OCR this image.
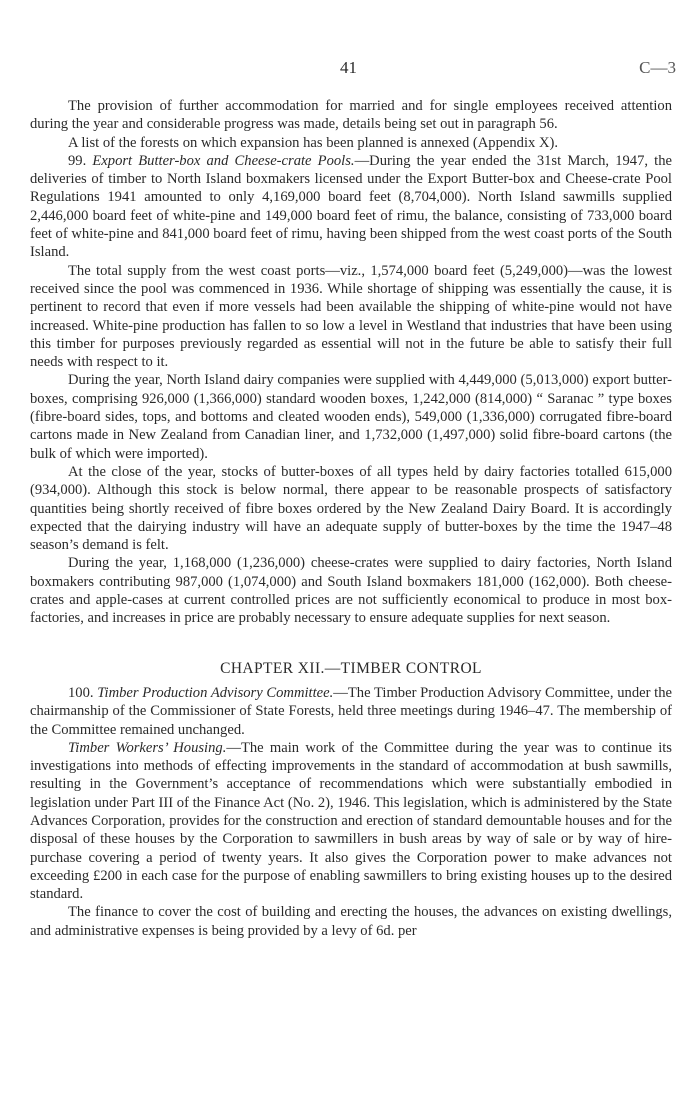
41	C—3

The provision of further accommodation for married and for single employees received attention during the year and considerable progress was made, details being set out in paragraph 56.

A list of the forests on which expansion has been planned is annexed (Appendix X).

99. Export Butter-box and Cheese-crate Pools.—During the year ended the 31st March, 1947, the deliveries of timber to North Island boxmakers licensed under the Export Butter-box and Cheese-crate Pool Regulations 1941 amounted to only 4,169,000 board feet (8,704,000). North Island sawmills supplied 2,446,000 board feet of white-pine and 149,000 board feet of rimu, the balance, consisting of 733,000 board feet of white-pine and 841,000 board feet of rimu, having been shipped from the west coast ports of the South Island.

The total supply from the west coast ports—viz., 1,574,000 board feet (5,249,000)—was the lowest received since the pool was commenced in 1936. While shortage of shipping was essentially the cause, it is pertinent to record that even if more vessels had been available the shipping of white-pine would not have increased. White-pine production has fallen to so low a level in Westland that industries that have been using this timber for purposes previously regarded as essential will not in the future be able to satisfy their full needs with respect to it.

During the year, North Island dairy companies were supplied with 4,449,000 (5,013,000) export butter-boxes, comprising 926,000 (1,366,000) standard wooden boxes, 1,242,000 (814,000) “ Saranac ” type boxes (fibre-board sides, tops, and bottoms and cleated wooden ends), 549,000 (1,336,000) corrugated fibre-board cartons made in New Zealand from Canadian liner, and 1,732,000 (1,497,000) solid fibre-board cartons (the bulk of which were imported).

At the close of the year, stocks of butter-boxes of all types held by dairy factories totalled 615,000 (934,000). Although this stock is below normal, there appear to be reasonable prospects of satisfactory quantities being shortly received of fibre boxes ordered by the New Zealand Dairy Board. It is accordingly expected that the dairying industry will have an adequate supply of butter-boxes by the time the 1947–48 season’s demand is felt.

During the year, 1,168,000 (1,236,000) cheese-crates were supplied to dairy factories, North Island boxmakers contributing 987,000 (1,074,000) and South Island boxmakers 181,000 (162,000). Both cheese-crates and apple-cases at current controlled prices are not sufficiently economical to produce in most box-factories, and increases in price are probably necessary to ensure adequate supplies for next season.

CHAPTER XII.—TIMBER CONTROL

100. Timber Production Advisory Committee.—The Timber Production Advisory Committee, under the chairmanship of the Commissioner of State Forests, held three meetings during 1946–47. The membership of the Committee remained unchanged.

Timber Workers’ Housing.—The main work of the Committee during the year was to continue its investigations into methods of effecting improvements in the standard of accommodation at bush sawmills, resulting in the Government’s acceptance of recommendations which were substantially embodied in legislation under Part III of the Finance Act (No. 2), 1946. This legislation, which is administered by the State Advances Corporation, provides for the construction and erection of standard demountable houses and for the disposal of these houses by the Corporation to sawmillers in bush areas by way of sale or by way of hire-purchase covering a period of twenty years. It also gives the Corporation power to make advances not exceeding £200 in each case for the purpose of enabling sawmillers to bring existing houses up to the desired standard.

The finance to cover the cost of building and erecting the houses, the advances on existing dwellings, and administrative expenses is being provided by a levy of 6d. per
